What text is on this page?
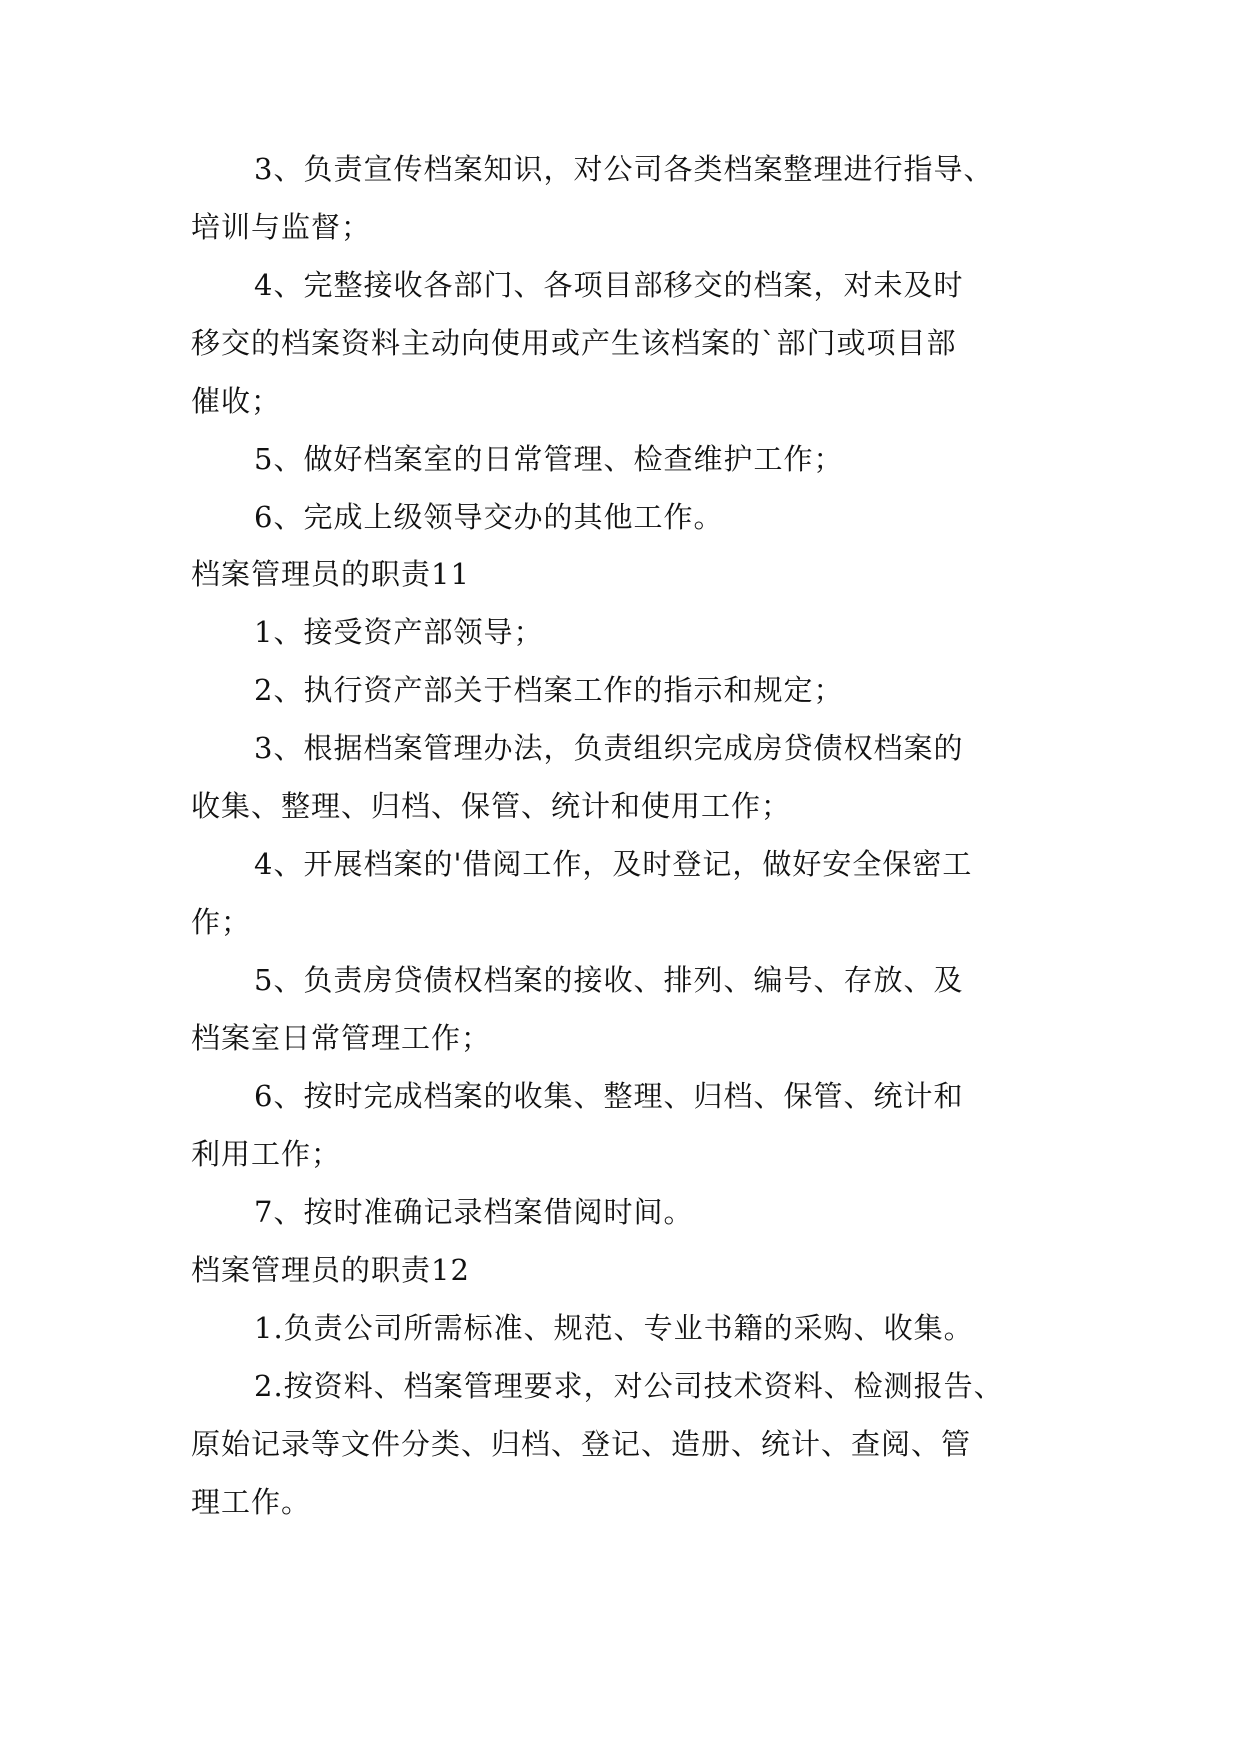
3、负责宣传档案知识，对公司各类档案整理进行指导、
培训与监督；
4、完整接收各部门、各项目部移交的档案，对未及时
移交的档案资料主动向使用或产生该档案的`部门或项目部
催收；
5、做好档案室的日常管理、检查维护工作；
6、完成上级领导交办的其他工作。
档案管理员的职责11
1、接受资产部领导；
2、执行资产部关于档案工作的指示和规定；
3、根据档案管理办法，负责组织完成房贷债权档案的
收集、整理、归档、保管、统计和使用工作；
4、开展档案的'借阅工作，及时登记，做好安全保密工
作；
5、负责房贷债权档案的接收、排列、编号、存放、及
档案室日常管理工作；
6、按时完成档案的收集、整理、归档、保管、统计和
利用工作；
7、按时准确记录档案借阅时间。
档案管理员的职责12
1.负责公司所需标准、规范、专业书籍的采购、收集。
2.按资料、档案管理要求，对公司技术资料、检测报告、
原始记录等文件分类、归档、登记、造册、统计、查阅、管
理工作。
